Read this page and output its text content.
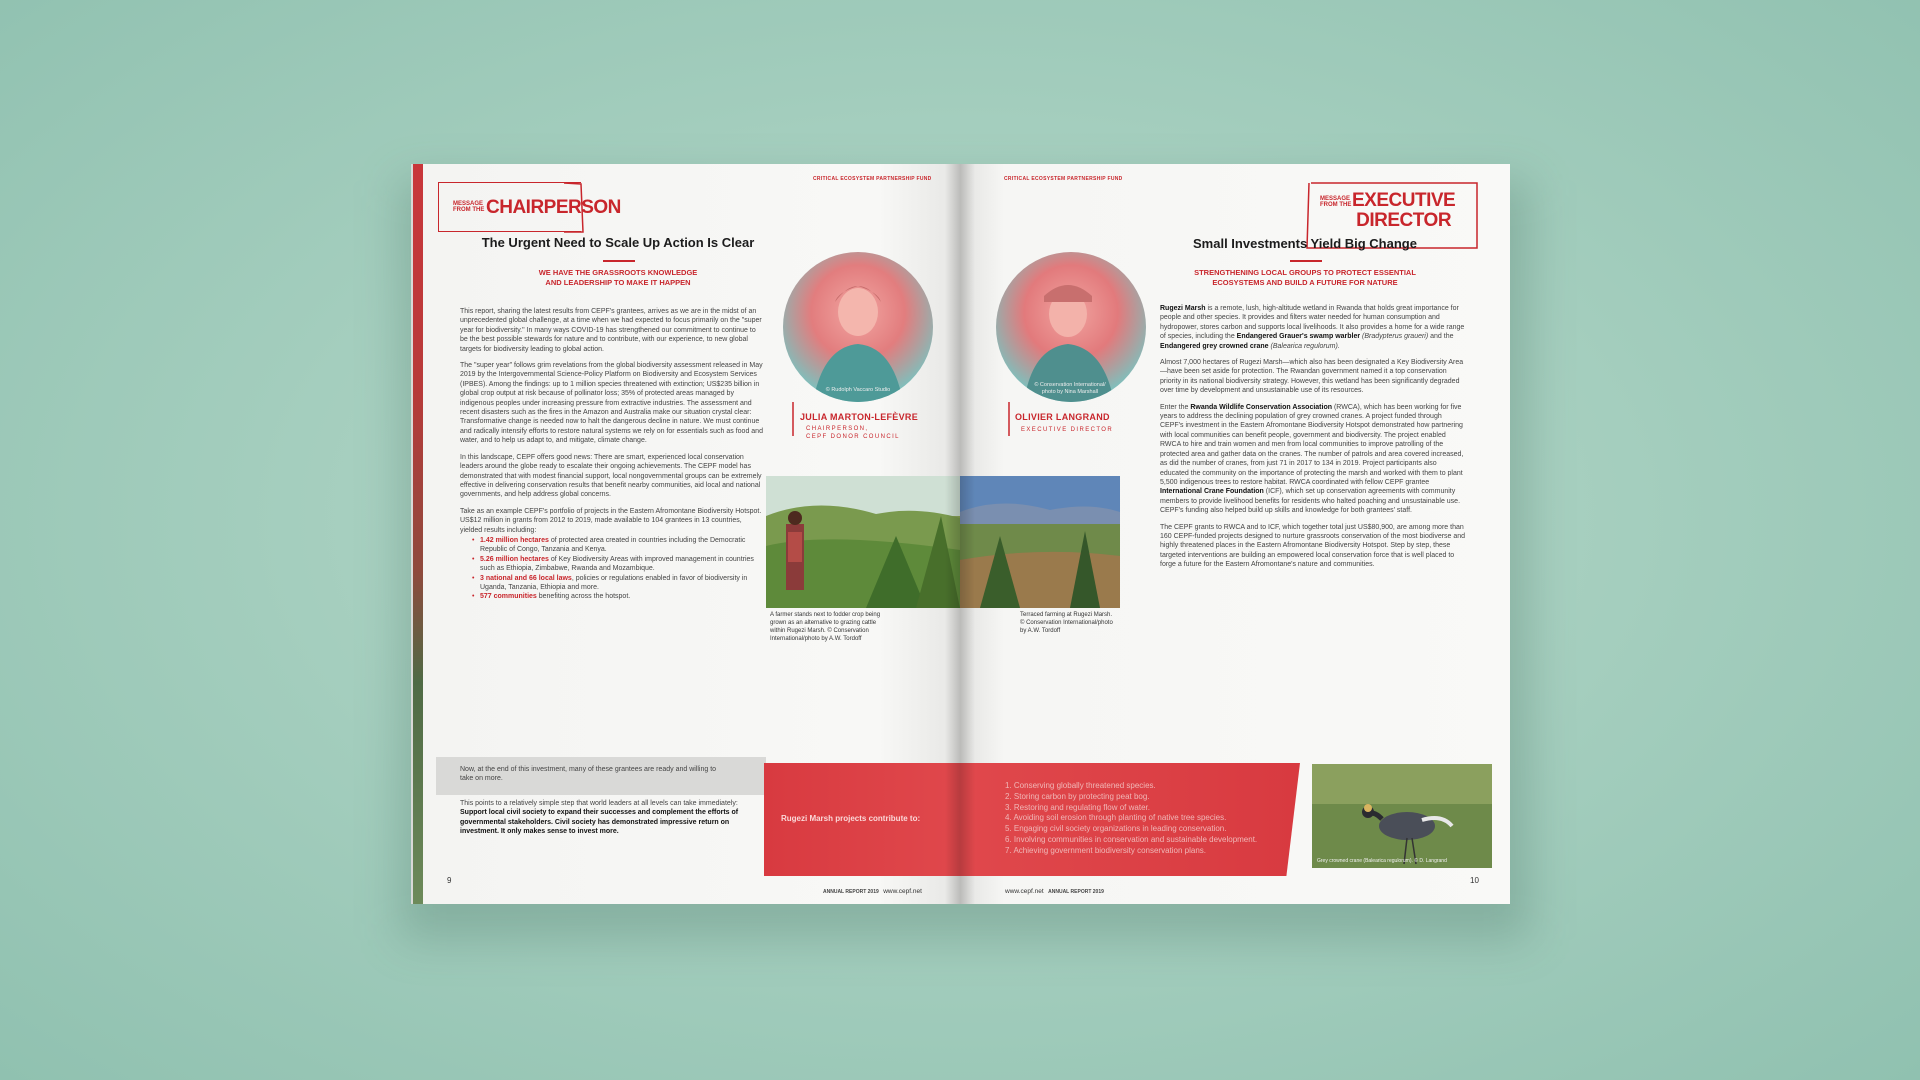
CRITICAL ECOSYSTEM PARTNERSHIP FUND
MESSAGE
FROM THE CHAIRPERSON
The Urgent Need to Scale Up Action Is Clear
WE HAVE THE GRASSROOTS KNOWLEDGE
AND LEADERSHIP TO MAKE IT HAPPEN

This report, sharing the latest results from CEPF's grantees, arrives as we are in the midst of an unprecedented global challenge, at a time when we had expected to focus primarily on the "super year for biodiversity." In many ways COVID-19 has strengthened our commitment to continue to be the best possible stewards for nature and to contribute, with our experience, to new global targets for biodiversity leading to global action.

The "super year" follows grim revelations from the global biodiversity assessment released in May 2019 by the Intergovernmental Science-Policy Platform on Biodiversity and Ecosystem Services (IPBES). Among the findings: up to 1 million species threatened with extinction; US$235 billion in global crop output at risk because of pollinator loss; 35% of protected areas managed by indigenous peoples under increasing pressure from extractive industries. The assessment and recent disasters such as the fires in the Amazon and Australia make our situation crystal clear: Transformative change is needed now to halt the dangerous decline in nature. We must continue and radically intensify efforts to restore natural systems we rely on for essentials such as food and water, and to help us adapt to, and mitigate, climate change.

In this landscape, CEPF offers good news: There are smart, experienced local conservation leaders around the globe ready to escalate their ongoing achievements. The CEPF model has demonstrated that with modest financial support, local nongovernmental groups can be extremely effective in delivering conservation results that benefit nearby communities, aid local and national governments, and help address global concerns.

Take as an example CEPF's portfolio of projects in the Eastern Afromontane Biodiversity Hotspot. US$12 million in grants from 2012 to 2019, made available to 104 grantees in 13 countries, yielded results including:

• 1.42 million hectares of protected area created in countries including the Democratic Republic of Congo, Tanzania and Kenya.
• 5.26 million hectares of Key Biodiversity Areas with improved management in countries such as Ethiopia, Zimbabwe, Rwanda and Mozambique.
• 3 national and 66 local laws, policies or regulations enabled in favor of biodiversity in Uganda, Tanzania, Ethiopia and more.
• 577 communities benefiting across the hotspot.
Now, at the end of this investment, many of these grantees are ready and willing to take on more.
This points to a relatively simple step that world leaders at all levels can take immediately: Support local civil society to expand their successes and complement the efforts of governmental stakeholders. Civil society has demonstrated impressive return on investment. It only makes sense to invest more.
© Rudolph Vaccaro Studio
JULIA MARTON-LEFÈVRE
CHAIRPERSON,
CEPF DONOR COUNCIL
A farmer stands next to fodder crop being grown as an alternative to grazing cattle within Rugezi Marsh. © Conservation International/photo by A.W. Tordoff
Rugezi Marsh projects contribute to:
9
ANNUAL REPORT 2019 www.cepf.net
CRITICAL ECOSYSTEM PARTNERSHIP FUND
MESSAGE
FROM THE EXECUTIVE
DIRECTOR
Small Investments Yield Big Change
STRENGTHENING LOCAL GROUPS TO PROTECT ESSENTIAL
ECOSYSTEMS AND BUILD A FUTURE FOR NATURE

Rugezi Marsh is a remote, lush, high-altitude wetland in Rwanda that holds great importance for people and other species. It provides and filters water needed for human consumption and hydropower, stores carbon and supports local livelihoods. It also provides a home for a wide range of species, including the Endangered Grauer's swamp warbler (Bradypterus graueri) and the Endangered grey crowned crane (Balearica regulorum).

Almost 7,000 hectares of Rugezi Marsh—which also has been designated a Key Biodiversity Area—have been set aside for protection. The Rwandan government named it a top conservation priority in its national biodiversity strategy. However, this wetland has been significantly degraded over time by development and unsustainable use of its resources.

Enter the Rwanda Wildlife Conservation Association (RWCA), which has been working for five years to address the declining population of grey crowned cranes. A project funded through CEPF's investment in the Eastern Afromontane Biodiversity Hotspot demonstrated how partnering with local communities can benefit people, government and biodiversity. The project enabled RWCA to hire and train women and men from local communities to improve patrolling of the protected area and gather data on the cranes. The number of patrols and area covered increased, as did the number of cranes, from just 71 in 2017 to 134 in 2019. Project participants also educated the community on the importance of protecting the marsh and worked with them to plant 5,500 indigenous trees to restore habitat. RWCA coordinated with fellow CEPF grantee International Crane Foundation (ICF), which set up conservation agreements with community members to provide livelihood benefits for residents who halted poaching and unsustainable use. CEPF's funding also helped build up skills and knowledge for both grantees' staff.

The CEPF grants to RWCA and to ICF, which together total just US$80,900, are among more than 160 CEPF-funded projects designed to nurture grassroots conservation of the most biodiverse and highly threatened places in the Eastern Afromontane Biodiversity Hotspot. Step by step, these targeted interventions are building an empowered local conservation force that is well placed to forge a future for the Eastern Afromontane's nature and communities.

© Conservation International/
photo by Nina Marshall
OLIVIER LANGRAND
EXECUTIVE DIRECTOR
Terraced farming at Rugezi Marsh.
© Conservation International/photo
by A.W. Tordoff
1. Conserving globally threatened species.
2. Storing carbon by protecting peat bog.
3. Restoring and regulating flow of water.
4. Avoiding soil erosion through planting of native tree species.
5. Engaging civil society organizations in leading conservation.
6. Involving communities in conservation and sustainable development.
7. Achieving government biodiversity conservation plans.
Grey crowned crane (Balearica regulorum). © D. Langrand
www.cepf.net ANNUAL REPORT 2019
10
